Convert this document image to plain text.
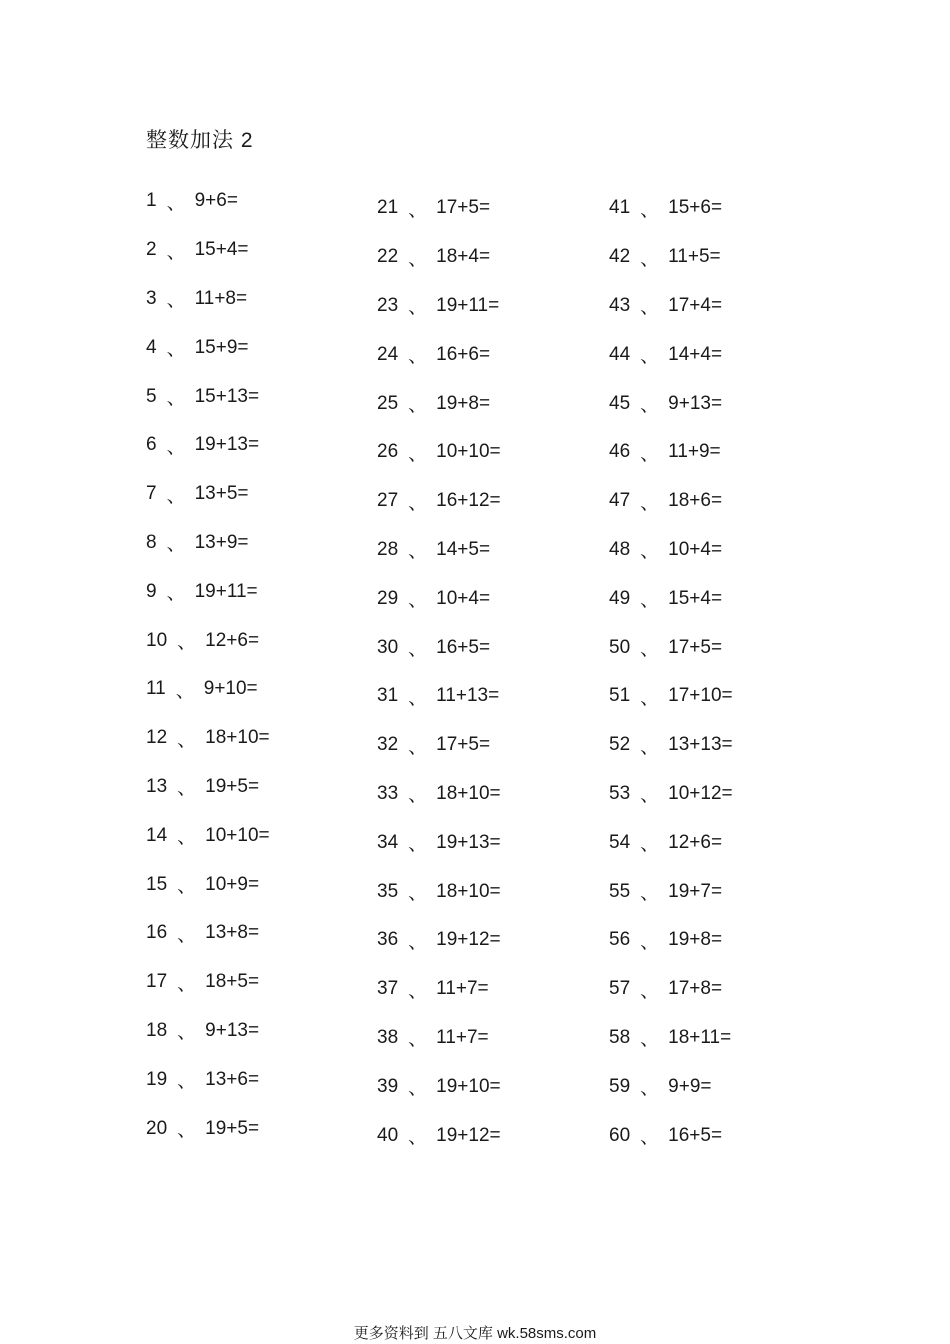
整数加法 2
1 、 9+6=
2 、 15+4=
3 、 11+8=
4 、 15+9=
5 、 15+13=
6 、 19+13=
7 、 13+5=
8 、 13+9=
9 、 19+11=
10 、 12+6=
11 、 9+10=
12 、 18+10=
13 、 19+5=
14 、 10+10=
15 、 10+9=
16 、 13+8=
17 、 18+5=
18 、 9+13=
19 、 13+6=
20 、 19+5=
21 、 17+5=
22 、 18+4=
23 、 19+11=
24 、 16+6=
25 、 19+8=
26 、 10+10=
27 、 16+12=
28 、 14+5=
29 、 10+4=
30 、 16+5=
31 、 11+13=
32 、 17+5=
33 、 18+10=
34 、 19+13=
35 、 18+10=
36 、 19+12=
37 、 11+7=
38 、 11+7=
39 、 19+10=
40 、 19+12=
41 、 15+6=
42 、 11+5=
43 、 17+4=
44 、 14+4=
45 、 9+13=
46 、 11+9=
47 、 18+6=
48 、 10+4=
49 、 15+4=
50 、 17+5=
51 、 17+10=
52 、 13+13=
53 、 10+12=
54 、 12+6=
55 、 19+7=
56 、 19+8=
57 、 17+8=
58 、 18+11=
59 、 9+9=
60 、 16+5=
更多资料到 五八文库 wk.58sms.com
